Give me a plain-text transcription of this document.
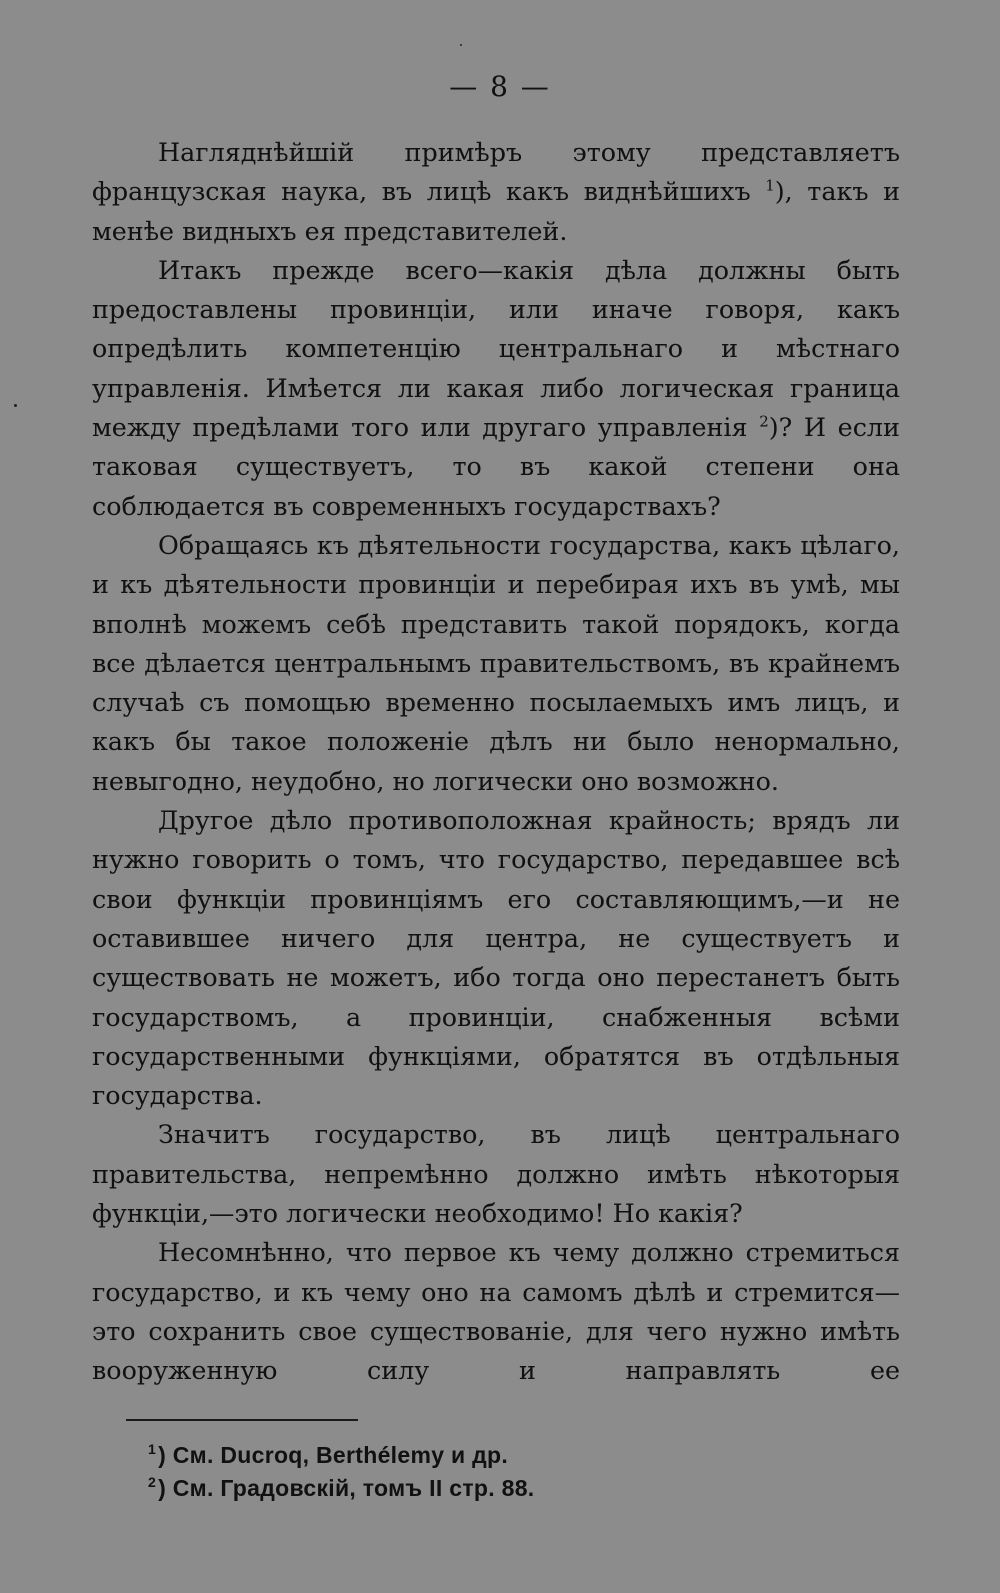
— 8 —

Нагляднѣйшій примѣръ этому представляетъ французская наука, въ лицѣ какъ виднѣйшихъ $^1$), такъ и менѣе видныхъ ея представителей.

Итакъ прежде всего—какія дѣла должны быть предоставлены провинціи, или иначе говоря, какъ опредѣлить компетенцію центральнаго и мѣстнаго управленія. Имѣется ли какая либо логическая граница между предѣлами того или другаго управленія $^2$)? И если таковая существуетъ, то въ какой степени она соблюдается въ современныхъ государствахъ?

Обращаясь къ дѣятельности государства, какъ цѣлаго, и къ дѣятельности провинціи и перебирая ихъ въ умѣ, мы вполнѣ можемъ себѣ представить такой порядокъ, когда все дѣлается центральнымъ правительствомъ, въ крайнемъ случаѣ съ помощью временно посылаемыхъ имъ лицъ, и какъ бы такое положеніе дѣлъ ни было ненормально, невыгодно, неудобно, но логически оно возможно.

Другое дѣло противоположная крайность; врядъ ли нужно говорить о томъ, что государство, передавшее всѣ свои функціи провинціямъ его составляющимъ,—и не оставившее ничего для центра, не существуетъ и существовать не можетъ, ибо тогда оно перестанетъ быть государствомъ, а провинціи, снабженныя всѣми государственными функціями, обратятся въ отдѣльныя государства.

Значитъ государство, въ лицѣ центральнаго правительства, непремѣнно должно имѣть нѣкоторыя функціи,—это логически необходимо! Но какія?

Несомнѣнно, что первое къ чему должно стремиться государство, и къ чему оно на самомъ дѣлѣ и стремится—это сохранить свое существованіе, для чего нужно имѣть вооруженную силу и направлять ее

$^1$) См. Ducroq, Berthélemy и др.
$^2$) См. Градовскій, томъ II стр. 88.
